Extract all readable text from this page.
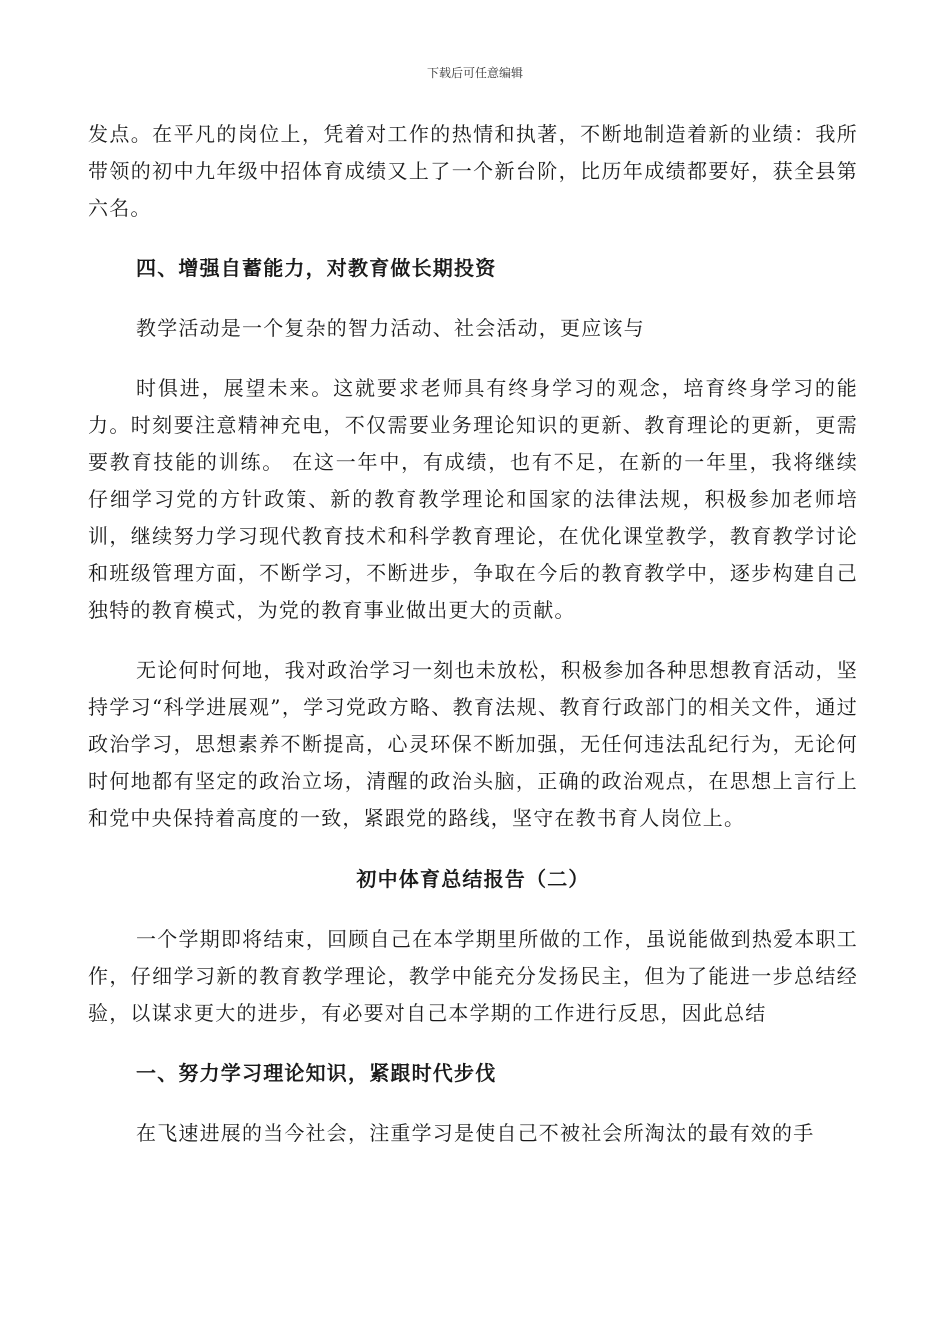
下载后可任意编辑

发点。在平凡的岗位上，凭着对工作的热情和执著，不断地制造着新的业绩：我所带领的初中九年级中招体育成绩又上了一个新台阶，比历年成绩都要好，获全县第六名。

四、增强自蓄能力，对教育做长期投资

教学活动是一个复杂的智力活动、社会活动，更应该与

时俱进，展望未来。这就要求老师具有终身学习的观念，培育终身学习的能力。时刻要注意精神充电，不仅需要业务理论知识的更新、教育理论的更新，更需要教育技能的训练。 在这一年中，有成绩，也有不足，在新的一年里，我将继续仔细学习党的方针政策、新的教育教学理论和国家的法律法规，积极参加老师培训，继续努力学习现代教育技术和科学教育理论，在优化课堂教学，教育教学讨论和班级管理方面，不断学习，不断进步，争取在今后的教育教学中，逐步构建自己独特的教育模式，为党的教育事业做出更大的贡献。

无论何时何地，我对政治学习一刻也未放松，积极参加各种思想教育活动，坚持学习“科学进展观”，学习党政方略、教育法规、教育行政部门的相关文件，通过政治学习，思想素养不断提高，心灵环保不断加强，无任何违法乱纪行为，无论何时何地都有坚定的政治立场，清醒的政治头脑，正确的政治观点，在思想上言行上和党中央保持着高度的一致，紧跟党的路线，坚守在教书育人岗位上。

初中体育总结报告（二）

一个学期即将结束，回顾自己在本学期里所做的工作，虽说能做到热爱本职工作，仔细学习新的教育教学理论，教学中能充分发扬民主，但为了能进一步总结经验，以谋求更大的进步，有必要对自己本学期的工作进行反思，因此总结

一、努力学习理论知识，紧跟时代步伐

在飞速进展的当今社会，注重学习是使自己不被社会所淘汰的最有效的手
